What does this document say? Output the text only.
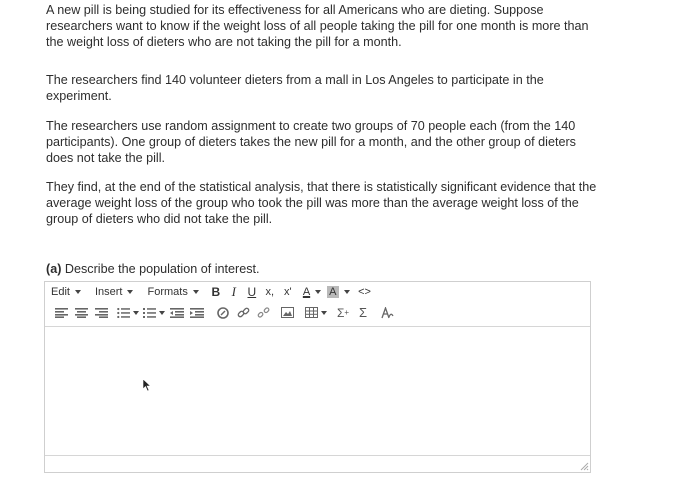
A new pill is being studied for its effectiveness for all Americans who are dieting. Suppose researchers want to know if the weight loss of all people taking the pill for one month is more than the weight loss of dieters who are not taking the pill for a month.

The researchers find 140 volunteer dieters from a mall in Los Angeles to participate in the experiment.

The researchers use random assignment to create two groups of 70 people each (from the 140 participants). One group of dieters takes the new pill for a month, and the other group of dieters does not take the pill.

They find, at the end of the statistical analysis, that there is statistically significant evidence that the average weight loss of the group who took the pill was more than the average weight loss of the group of dieters who did not take the pill.

(a) Describe the population of interest.
Edit Insert Formats	B I U x, x'	A A <>
Σ + Σ
